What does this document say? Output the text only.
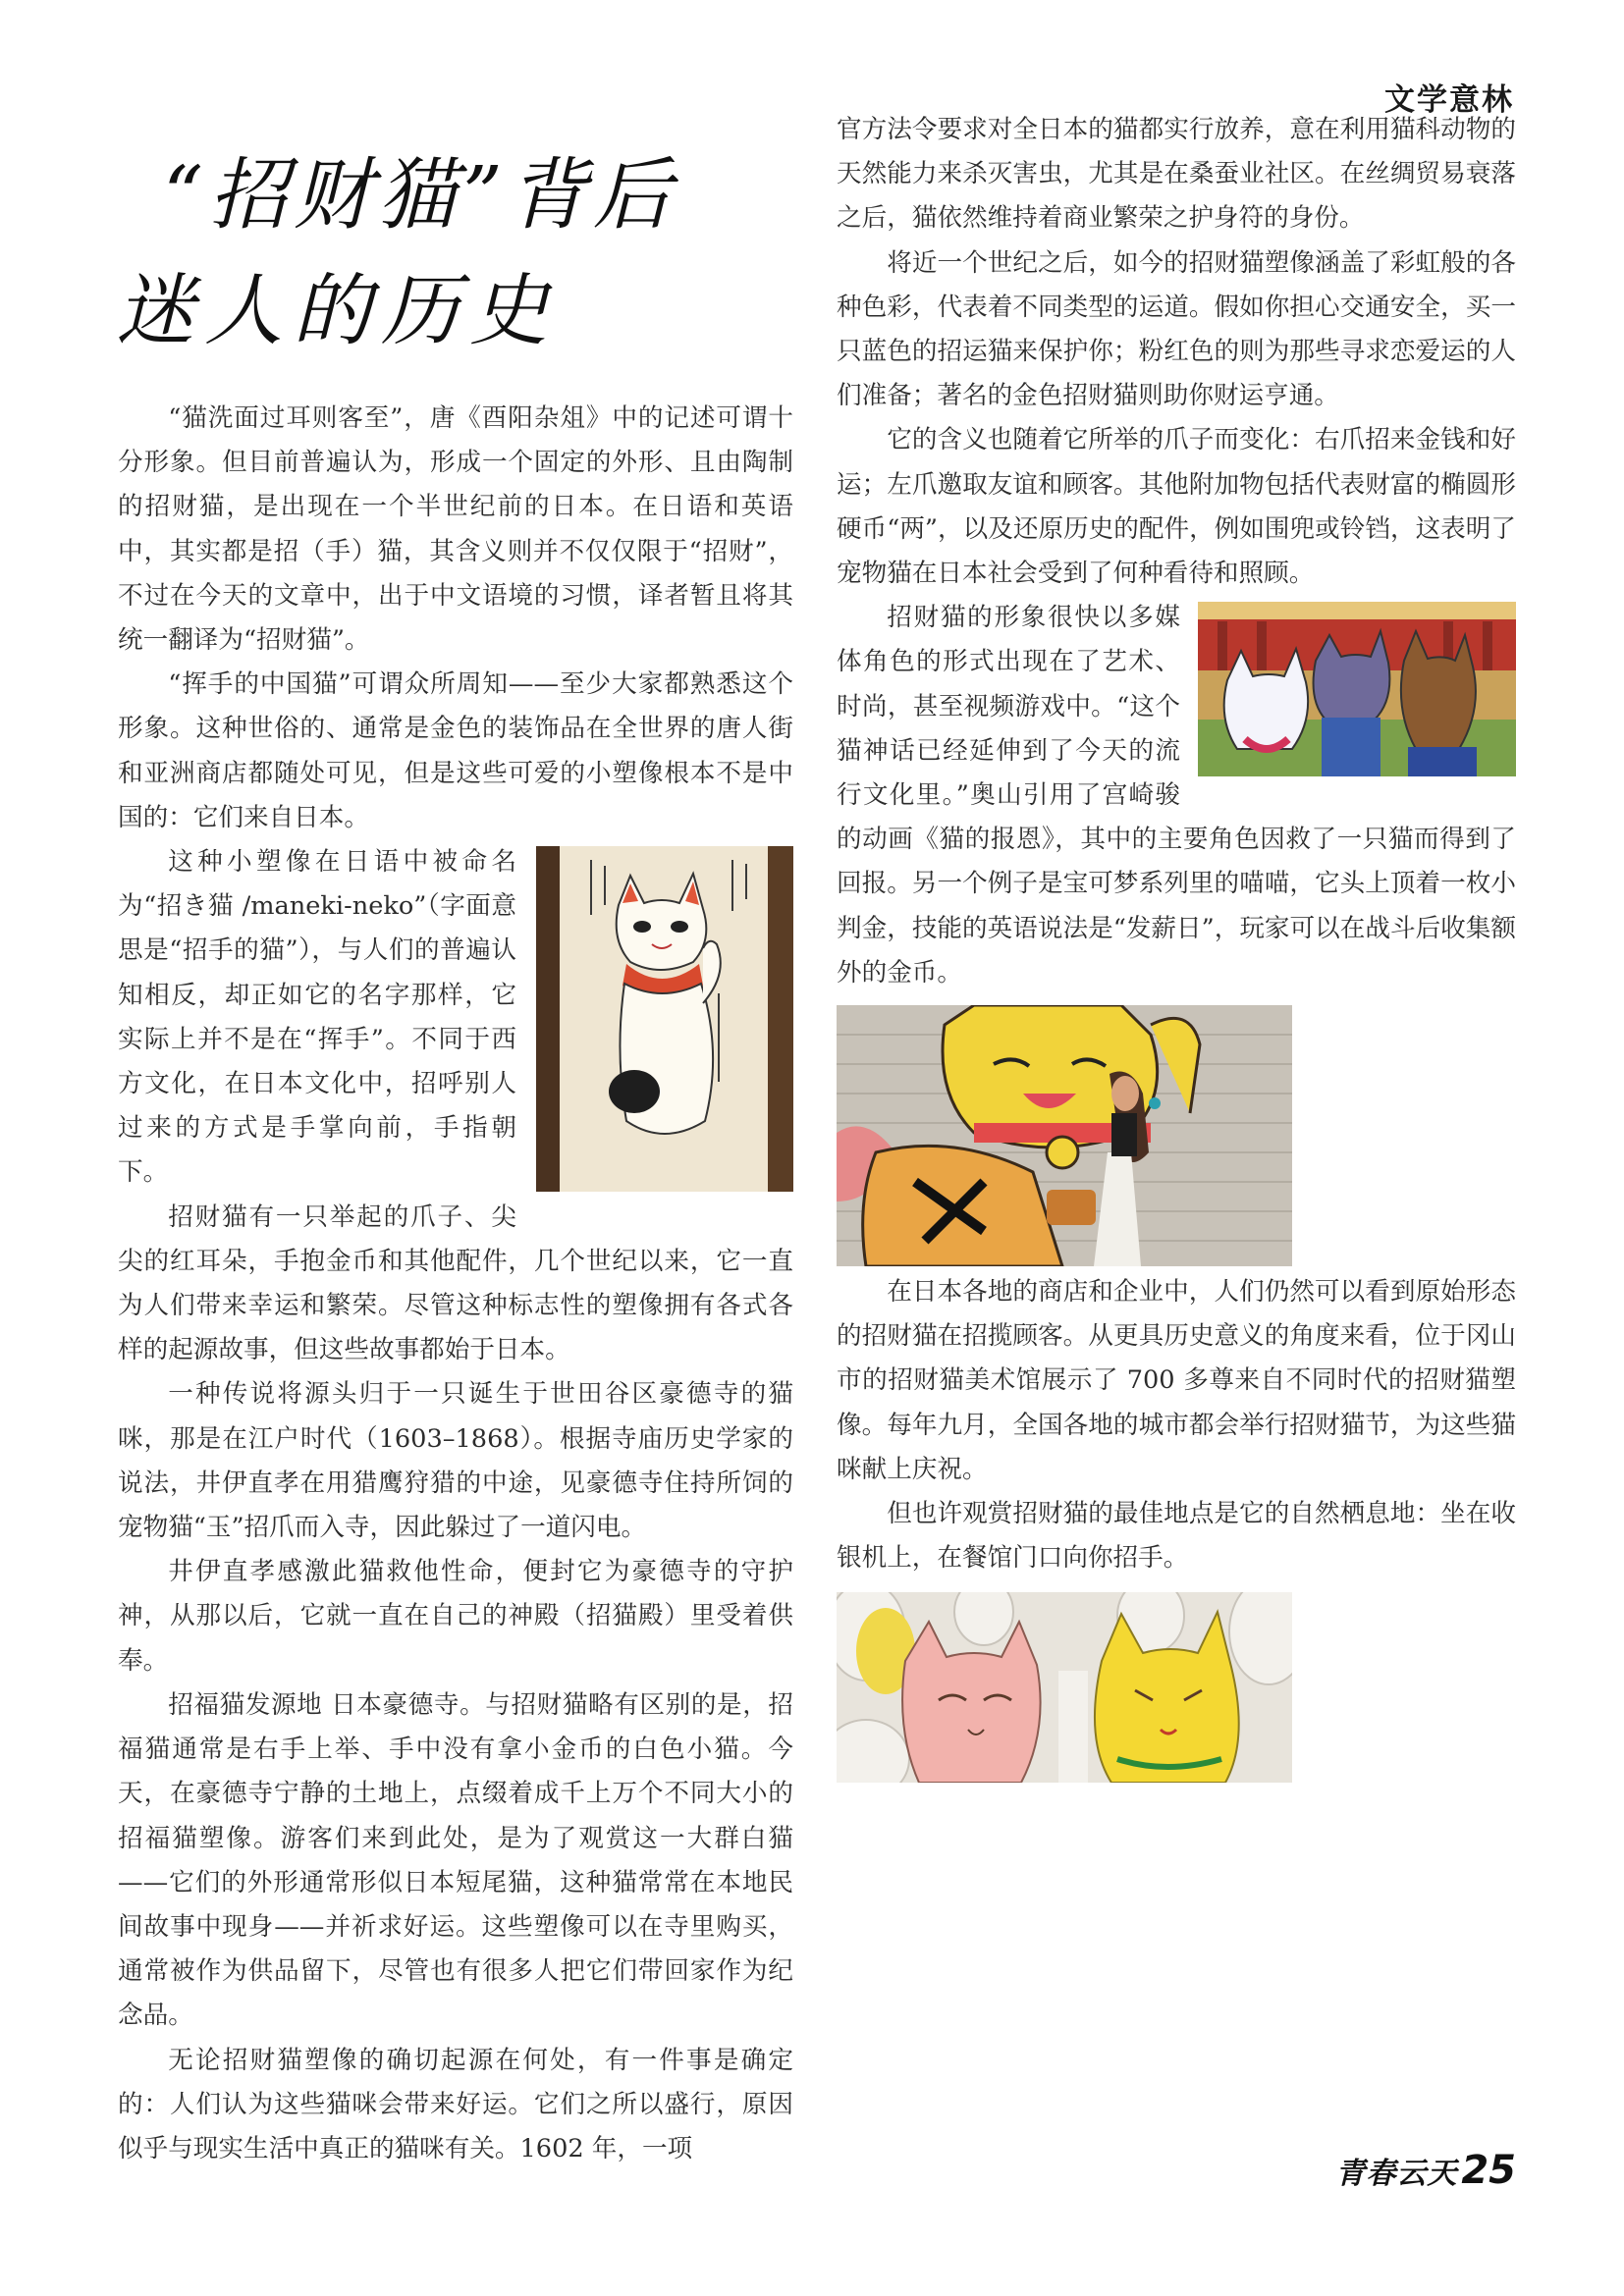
文学意林
“招财猫”背后
迷人的历史

“猫洗面过耳则客至”，唐《酉阳杂俎》中的记述可谓十分形象。但目前普遍认为，形成一个固定的外形、且由陶制的招财猫，是出现在一个半世纪前的日本。在日语和英语中，其实都是招（手）猫，其含义则并不仅仅限于“招财”，不过在今天的文章中，出于中文语境的习惯，译者暂且将其统一翻译为“招财猫”。

“挥手的中国猫”可谓众所周知——至少大家都熟悉这个形象。这种世俗的、通常是金色的装饰品在全世界的唐人街和亚洲商店都随处可见，但是这些可爱的小塑像根本不是中国的：它们来自日本。

这种小塑像在日语中被命名为“招き猫 /maneki-neko”（字面意思是“招手的猫”），与人们的普遍认知相反，却正如它的名字那样，它实际上并不是在“挥手”。不同于西方文化，在日本文化中，招呼别人过来的方式是手掌向前，手指朝下。

招财猫有一只举起的爪子、尖尖的红耳朵，手抱金币和其他配件，几个世纪以来，它一直为人们带来幸运和繁荣。尽管这种标志性的塑像拥有各式各样的起源故事，但这些故事都始于日本。

一种传说将源头归于一只诞生于世田谷区豪德寺的猫咪，那是在江户时代（1603–1868）。根据寺庙历史学家的说法，井伊直孝在用猎鹰狩猎的中途，见豪德寺住持所饲的宠物猫“玉”招爪而入寺，因此躲过了一道闪电。

井伊直孝感激此猫救他性命，便封它为豪德寺的守护神，从那以后，它就一直在自己的神殿（招猫殿）里受着供奉。

招福猫发源地 日本豪德寺。与招财猫略有区别的是，招福猫通常是右手上举、手中没有拿小金币的白色小猫。今天，在豪德寺宁静的土地上，点缀着成千上万个不同大小的招福猫塑像。游客们来到此处，是为了观赏这一大群白猫——它们的外形通常形似日本短尾猫，这种猫常常在本地民间故事中现身——并祈求好运。这些塑像可以在寺里购买，通常被作为供品留下，尽管也有很多人把它们带回家作为纪念品。

无论招财猫塑像的确切起源在何处，有一件事是确定的：人们认为这些猫咪会带来好运。它们之所以盛行，原因似乎与现实生活中真正的猫咪有关。1602 年，一项

官方法令要求对全日本的猫都实行放养，意在利用猫科动物的天然能力来杀灭害虫，尤其是在桑蚕业社区。在丝绸贸易衰落之后，猫依然维持着商业繁荣之护身符的身份。

将近一个世纪之后，如今的招财猫塑像涵盖了彩虹般的各种色彩，代表着不同类型的运道。假如你担心交通安全，买一只蓝色的招运猫来保护你；粉红色的则为那些寻求恋爱运的人们准备；著名的金色招财猫则助你财运亨通。

它的含义也随着它所举的爪子而变化：右爪招来金钱和好运；左爪邀取友谊和顾客。其他附加物包括代表财富的椭圆形硬币“两”，以及还原历史的配件，例如围兜或铃铛，这表明了宠物猫在日本社会受到了何种看待和照顾。

招财猫的形象很快以多媒体角色的形式出现在了艺术、时尚，甚至视频游戏中。“这个猫神话已经延伸到了今天的流行文化里。”奥山引用了宫崎骏的动画《猫的报恩》，其中的主要角色因救了一只猫而得到了回报。另一个例子是宝可梦系列里的喵喵，它头上顶着一枚小判金，技能的英语说法是“发薪日”，玩家可以在战斗后收集额外的金币。

在日本各地的商店和企业中，人们仍然可以看到原始形态的招财猫在招揽顾客。从更具历史意义的角度来看，位于冈山市的招财猫美术馆展示了 700 多尊来自不同时代的招财猫塑像。每年九月，全国各地的城市都会举行招财猫节，为这些猫咪献上庆祝。

但也许观赏招财猫的最佳地点是它的自然栖息地：坐在收银机上，在餐馆门口向你招手。

青春云天 25
